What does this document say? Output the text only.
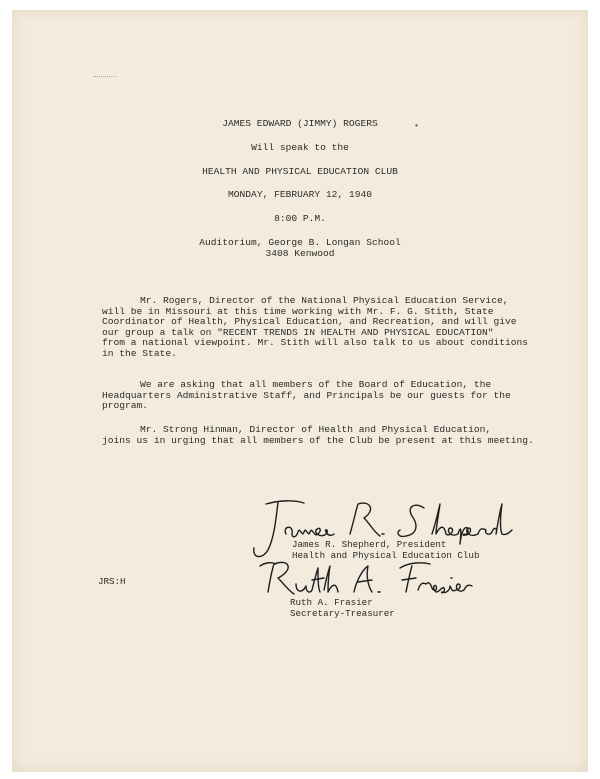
•
JAMES EDWARD (JIMMY) ROGERS
Will speak to the
HEALTH AND PHYSICAL EDUCATION CLUB
MONDAY, FEBRUARY 12, 1940
8:00 P.M.
Auditorium, George B. Longan School
3408 Kenwood
Mr. Rogers, Director of the National Physical Education Service,
will be in Missouri at this time working with Mr. F. G. Stith, State
Coordinator of Health, Physical Education, and Recreation, and will give
our group a talk on "RECENT TRENDS IN HEALTH AND PHYSICAL EDUCATION"
from a national viewpoint. Mr. Stith will also talk to us about conditions
in the State.
We are asking that all members of the Board of Education, the
Headquarters Administrative Staff, and Principals be our guests for the
program.
Mr. Strong Hinman, Director of Health and Physical Education,
joins us in urging that all members of the Club be present at this meeting.
James R. Shepherd, President
Health and Physical Education Club
JRS:H
Ruth A. Frasier
Secretary-Treasurer
